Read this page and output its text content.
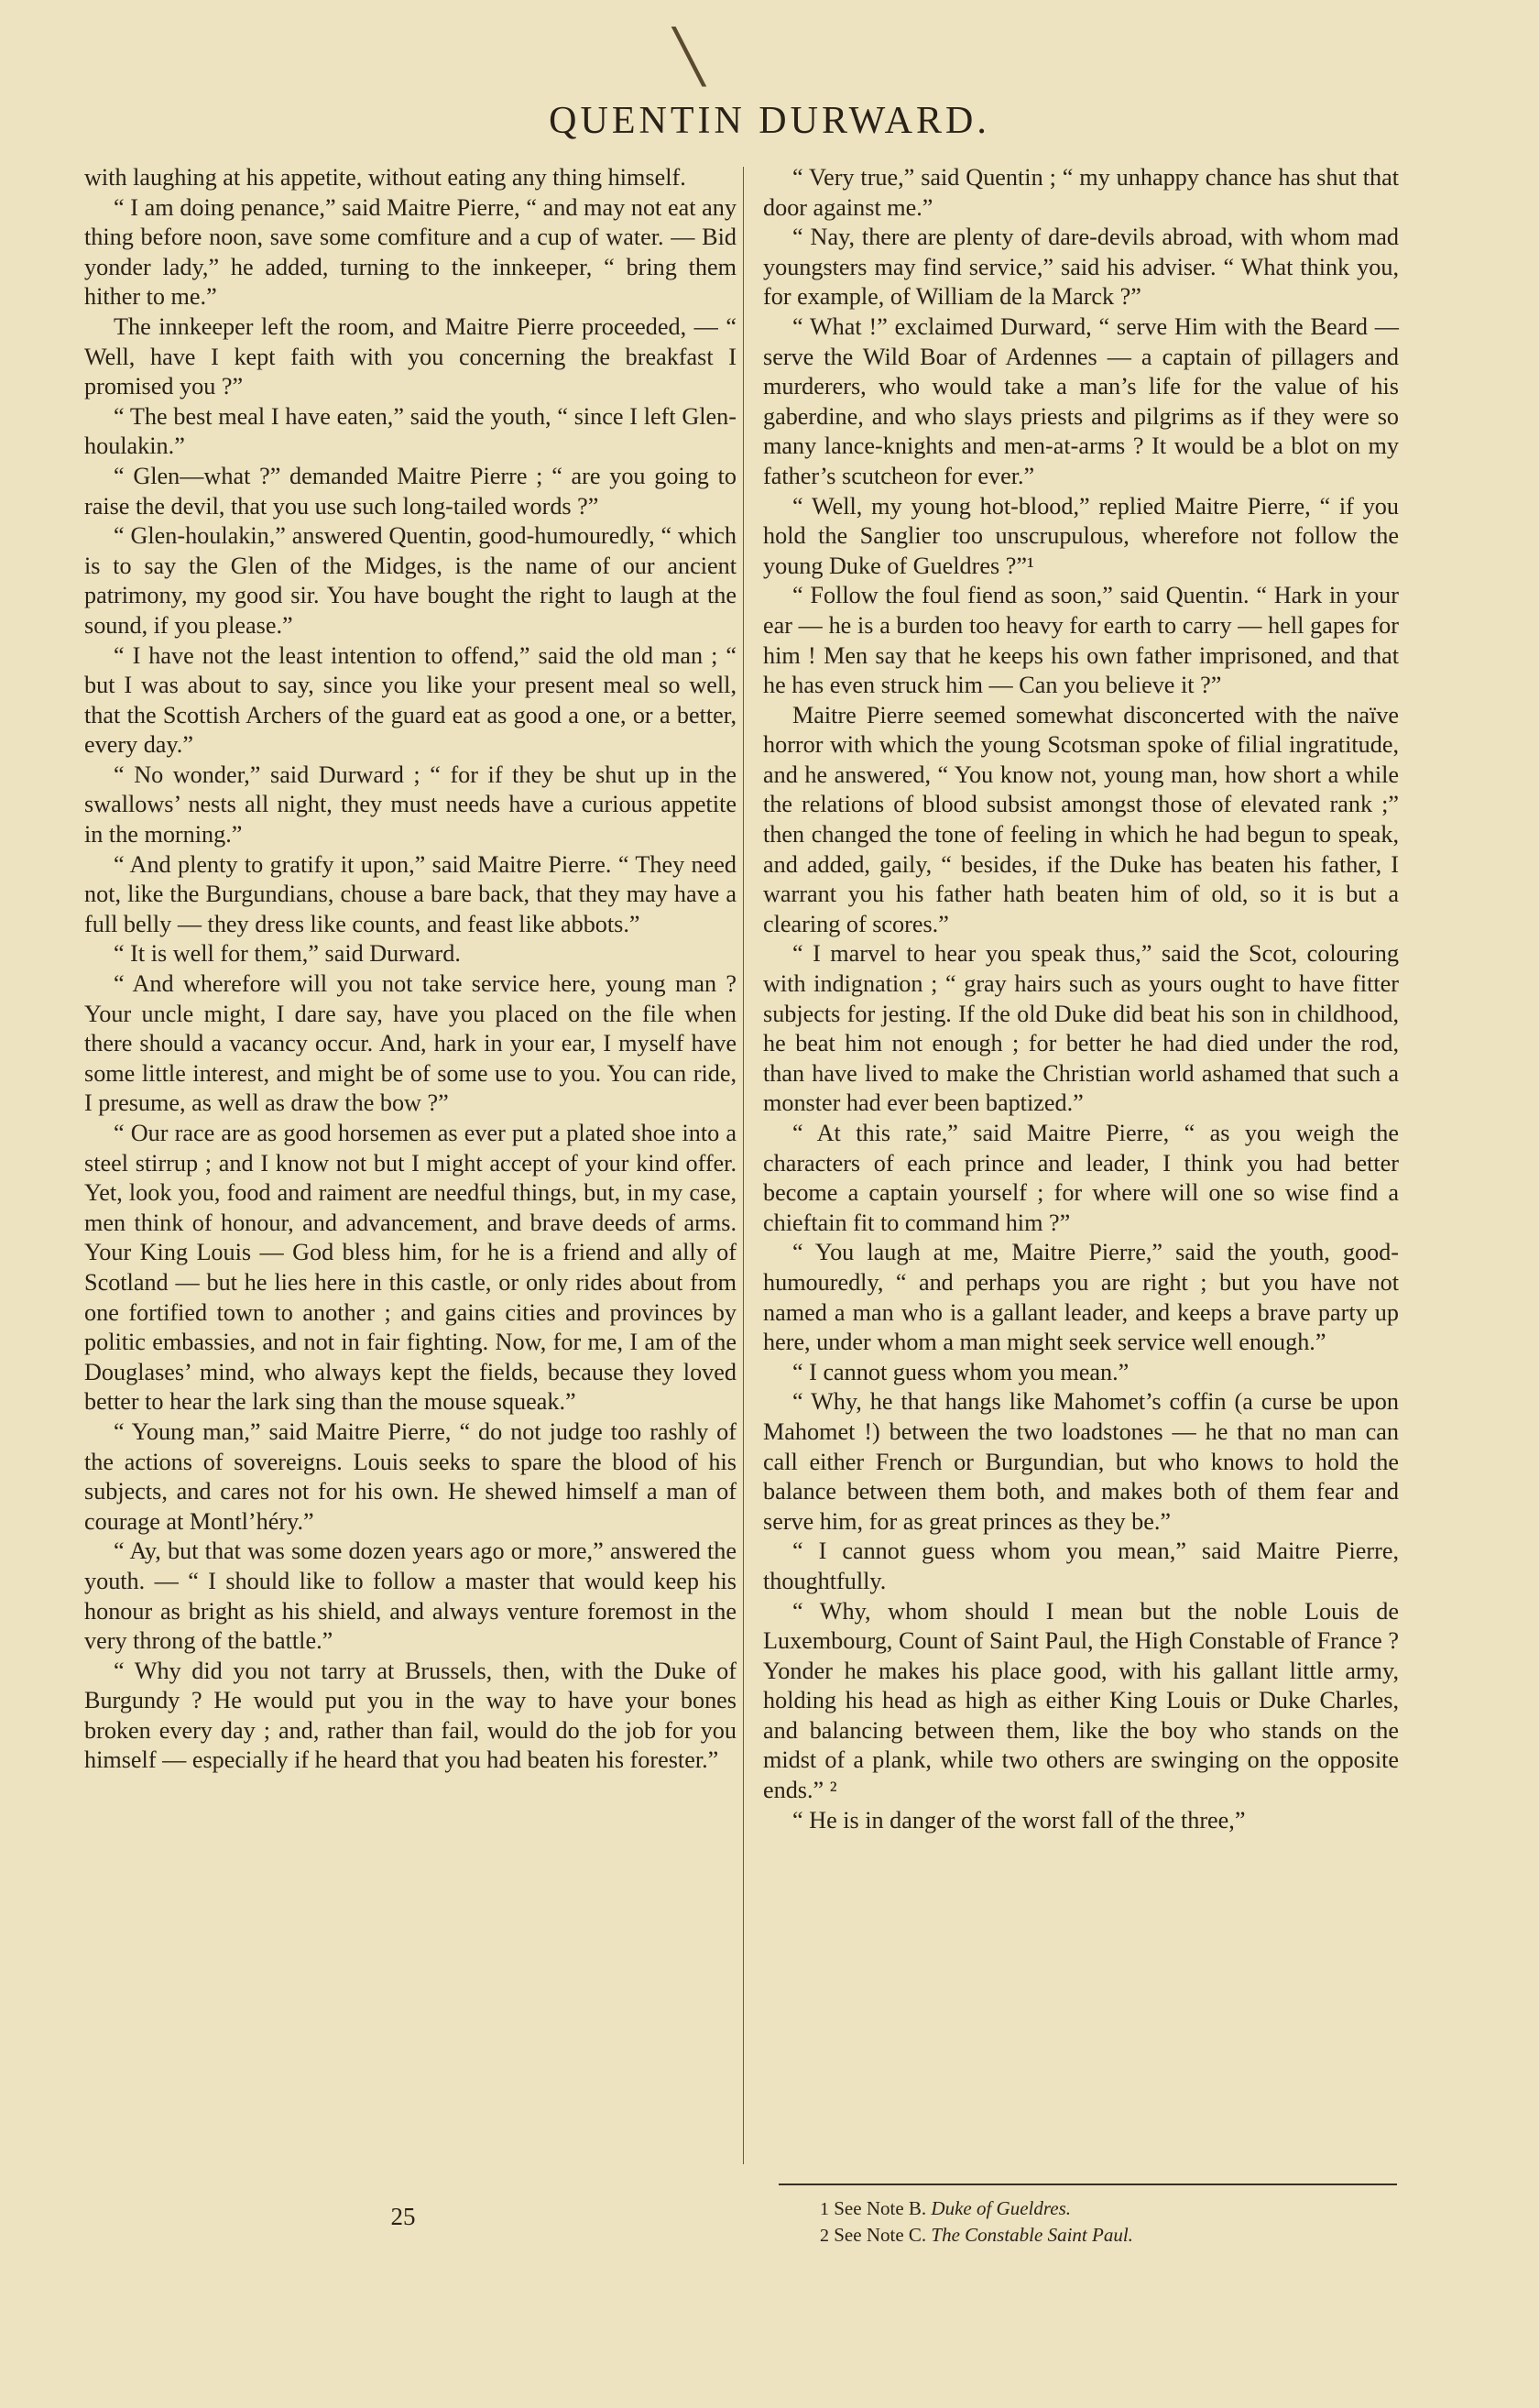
╲
QUENTIN DURWARD.

with laughing at his appetite, without eating any thing himself.

“ I am doing penance,” said Maitre Pierre, “ and may not eat any thing before noon, save some comfiture and a cup of water. — Bid yonder lady,” he added, turning to the innkeeper, “ bring them hither to me.”

The innkeeper left the room, and Maitre Pierre proceeded, — “ Well, have I kept faith with you concerning the breakfast I promised you ?”

“ The best meal I have eaten,” said the youth, “ since I left Glen-houlakin.”

“ Glen—what ?” demanded Maitre Pierre ; “ are you going to raise the devil, that you use such long-tailed words ?”

“ Glen-houlakin,” answered Quentin, good-humouredly, “ which is to say the Glen of the Midges, is the name of our ancient patrimony, my good sir. You have bought the right to laugh at the sound, if you please.”

“ I have not the least intention to offend,” said the old man ; “ but I was about to say, since you like your present meal so well, that the Scottish Archers of the guard eat as good a one, or a better, every day.”

“ No wonder,” said Durward ; “ for if they be shut up in the swallows’ nests all night, they must needs have a curious appetite in the morning.”

“ And plenty to gratify it upon,” said Maitre Pierre. “ They need not, like the Burgundians, chouse a bare back, that they may have a full belly — they dress like counts, and feast like abbots.”

“ It is well for them,” said Durward.

“ And wherefore will you not take service here, young man ? Your uncle might, I dare say, have you placed on the file when there should a vacancy occur. And, hark in your ear, I myself have some little interest, and might be of some use to you. You can ride, I presume, as well as draw the bow ?”

“ Our race are as good horsemen as ever put a plated shoe into a steel stirrup ; and I know not but I might accept of your kind offer. Yet, look you, food and raiment are needful things, but, in my case, men think of honour, and advancement, and brave deeds of arms. Your King Louis — God bless him, for he is a friend and ally of Scotland — but he lies here in this castle, or only rides about from one fortified town to another ; and gains cities and provinces by politic embassies, and not in fair fighting. Now, for me, I am of the Douglases’ mind, who always kept the fields, because they loved better to hear the lark sing than the mouse squeak.”

“ Young man,” said Maitre Pierre, “ do not judge too rashly of the actions of sovereigns. Louis seeks to spare the blood of his subjects, and cares not for his own. He shewed himself a man of courage at Montl’héry.”

“ Ay, but that was some dozen years ago or more,” answered the youth. — “ I should like to follow a master that would keep his honour as bright as his shield, and always venture foremost in the very throng of the battle.”

“ Why did you not tarry at Brussels, then, with the Duke of Burgundy ? He would put you in the way to have your bones broken every day ; and, rather than fail, would do the job for you himself — especially if he heard that you had beaten his forester.”

“ Very true,” said Quentin ; “ my unhappy chance has shut that door against me.”

“ Nay, there are plenty of dare-devils abroad, with whom mad youngsters may find service,” said his adviser. “ What think you, for example, of William de la Marck ?”

“ What !” exclaimed Durward, “ serve Him with the Beard — serve the Wild Boar of Ardennes — a captain of pillagers and murderers, who would take a man’s life for the value of his gaberdine, and who slays priests and pilgrims as if they were so many lance-knights and men-at-arms ? It would be a blot on my father’s scutcheon for ever.”

“ Well, my young hot-blood,” replied Maitre Pierre, “ if you hold the Sanglier too unscrupulous, wherefore not follow the young Duke of Gueldres ?”¹

“ Follow the foul fiend as soon,” said Quentin. “ Hark in your ear — he is a burden too heavy for earth to carry — hell gapes for him ! Men say that he keeps his own father imprisoned, and that he has even struck him — Can you believe it ?”

Maitre Pierre seemed somewhat disconcerted with the naïve horror with which the young Scotsman spoke of filial ingratitude, and he answered, “ You know not, young man, how short a while the relations of blood subsist amongst those of elevated rank ;” then changed the tone of feeling in which he had begun to speak, and added, gaily, “ besides, if the Duke has beaten his father, I warrant you his father hath beaten him of old, so it is but a clearing of scores.”

“ I marvel to hear you speak thus,” said the Scot, colouring with indignation ; “ gray hairs such as yours ought to have fitter subjects for jesting. If the old Duke did beat his son in childhood, he beat him not enough ; for better he had died under the rod, than have lived to make the Christian world ashamed that such a monster had ever been baptized.”

“ At this rate,” said Maitre Pierre, “ as you weigh the characters of each prince and leader, I think you had better become a captain yourself ; for where will one so wise find a chieftain fit to command him ?”

“ You laugh at me, Maitre Pierre,” said the youth, good-humouredly, “ and perhaps you are right ; but you have not named a man who is a gallant leader, and keeps a brave party up here, under whom a man might seek service well enough.”

“ I cannot guess whom you mean.”

“ Why, he that hangs like Mahomet’s coffin (a curse be upon Mahomet !) between the two loadstones — he that no man can call either French or Burgundian, but who knows to hold the balance between them both, and makes both of them fear and serve him, for as great princes as they be.”

“ I cannot guess whom you mean,” said Maitre Pierre, thoughtfully.

“ Why, whom should I mean but the noble Louis de Luxembourg, Count of Saint Paul, the High Constable of France ? Yonder he makes his place good, with his gallant little army, holding his head as high as either King Louis or Duke Charles, and balancing between them, like the boy who stands on the midst of a plank, while two others are swinging on the opposite ends.” ²

“ He is in danger of the worst fall of the three,”

25	1 See Note B. Duke of Gueldres.
2 See Note C. The Constable Saint Paul.
